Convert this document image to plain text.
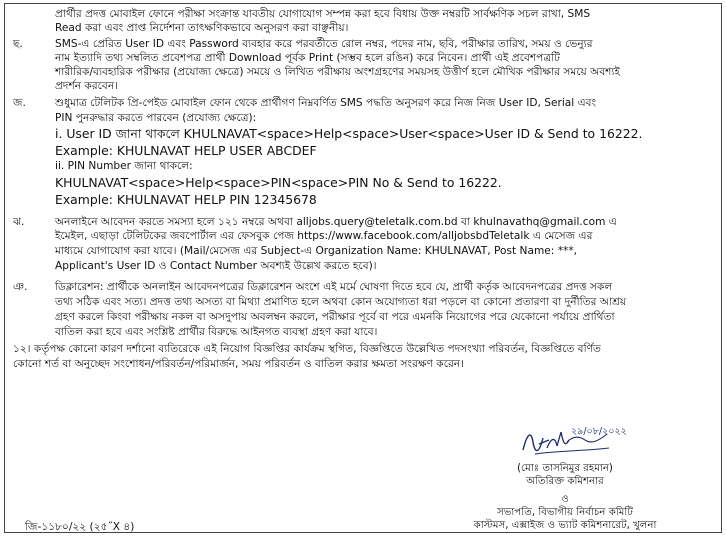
প্রার্থীর প্রদত্ত মোবাইল ফোনে পরীক্ষা সংক্রান্ত যাবতীয় যোগাযোগ সম্পন্ন করা হবে বিধায় উক্ত নম্বরটি সার্বক্ষণিক সচল রাখা, SMS
Read করা এবং প্রাপ্ত নির্দেশনা তাৎক্ষণিকভাবে অনুসরণ করা বাঞ্ছনীয়।
ছ.	SMS-এ প্রেরিত User ID এবং Password ব্যবহার করে পরবর্তীতে রোল নম্বর, পদের নাম, ছবি, পরীক্ষার তারিখ, সময় ও ভেন্যুর
নাম ইত্যাদি তথ্য সম্বলিত প্রবেশপত্র প্রার্থী Download পূর্বক Print (সম্ভব হলে রঙিন) করে নিবেন। প্রার্থী এই প্রবেশপত্রটি
শারীরিক/ব্যবহারিক পরীক্ষার (প্রযোজ্য ক্ষেত্রে) সময়ে ও লিখিত পরীক্ষায় অংশগ্রহণের সময়সহ উত্তীর্ণ হলে মৌখিক পরীক্ষার সময়ে অবশ্যই
প্রদর্শন করবেন।
জ.	শুধুমাত্র টেলিটক প্রি-পেইড মোবাইল ফোন থেকে প্রার্থীগণ নিম্নবর্ণিত SMS পদ্ধতি অনুসরণ করে নিজ নিজ User ID, Serial এবং
PIN পুনরুদ্ধার করতে পারবেন (প্রযোজ্য ক্ষেত্রে):
i. User ID জানা থাকলে KHULNAVAT<space>Help<space>User<space>User ID & Send to 16222.
Example: KHULNAVAT HELP USER ABCDEF
ii. PIN Number জানা থাকলে:
KHULNAVAT<space>Help<space>PIN<space>PIN No & Send to 16222.
Example: KHULNAVAT HELP PIN 12345678
ঝ.	অনলাইনে আবেদন করতে সমস্যা হলে ১২১ নম্বরে অথবা alljobs.query@teletalk.com.bd বা khulnavathq@gmail.com এ
ইমেইল, এছাড়া টেলিটকের জবপোর্টাল এর ফেসবুক পেজ https://www.facebook.com/alljobsbdTeletalk এ মেসেজ এর
মাধ্যমে যোগাযোগ করা যাবে। (Mail/মেসেজ এর Subject-এ Organization Name: KHULNAVAT, Post Name: ***,
Applicant's User ID ও Contact Number অবশ্যই উল্লেখ করতে হবে)।
ঞ.	ডিক্লারেশন: প্রার্থীকে অনলাইন আবেদনপত্রের ডিক্লারেশন অংশে এই মর্মে ঘোষণা দিতে হবে যে, প্রার্থী কর্তৃক আবেদনপত্রের প্রদত্ত সকল
তথ্য সঠিক এবং সত্য। প্রদত্ত তথ্য অসত্য বা মিথ্যা প্রমাণিত হলে অথবা কোন অযোগ্যতা ধরা পড়লে বা কোনো প্রতারণা বা দুর্নীতির আশ্রয়
গ্রহণ করলে কিংবা পরীক্ষায় নকল বা অসদুপায় অবলম্বন করলে, পরীক্ষার পূর্বে বা পরে এমনকি নিয়োগের পরে যেকোনো পর্যায়ে প্রার্থিতা
বাতিল করা হবে এবং সংশ্লিষ্ট প্রার্থীর বিরুদ্ধে আইনগত ব্যবস্থা গ্রহণ করা যাবে।
১২। কর্তৃপক্ষ কোনো কারণ দর্শানো ব্যতিরেকে এই নিয়োগ বিজ্ঞপ্তির কার্যক্রম স্থগিত, বিজ্ঞপ্তিতে উল্লেখিত পদসংখ্যা পরিবর্তন, বিজ্ঞপ্তিতে বর্ণিত
কোনো শর্ত বা অনুচ্ছেদ সংশোধন/পরিবর্তন/পরিমার্জন, সময় পরিবর্তন ও বাতিল করার ক্ষমতা সংরক্ষণ করেন।
২৯/০৮/২০২২
(মোঃ তাসনিমুর রহমান)
অতিরিক্ত কমিশনার
ও
সভাপতি, বিভাগীয় নির্বাচন কমিটি
কাস্টমস, এক্সাইজ ও ভ্যাট কমিশনারেট, খুলনা
জি-১১৮০/২২ (২৫˝X ৪)
